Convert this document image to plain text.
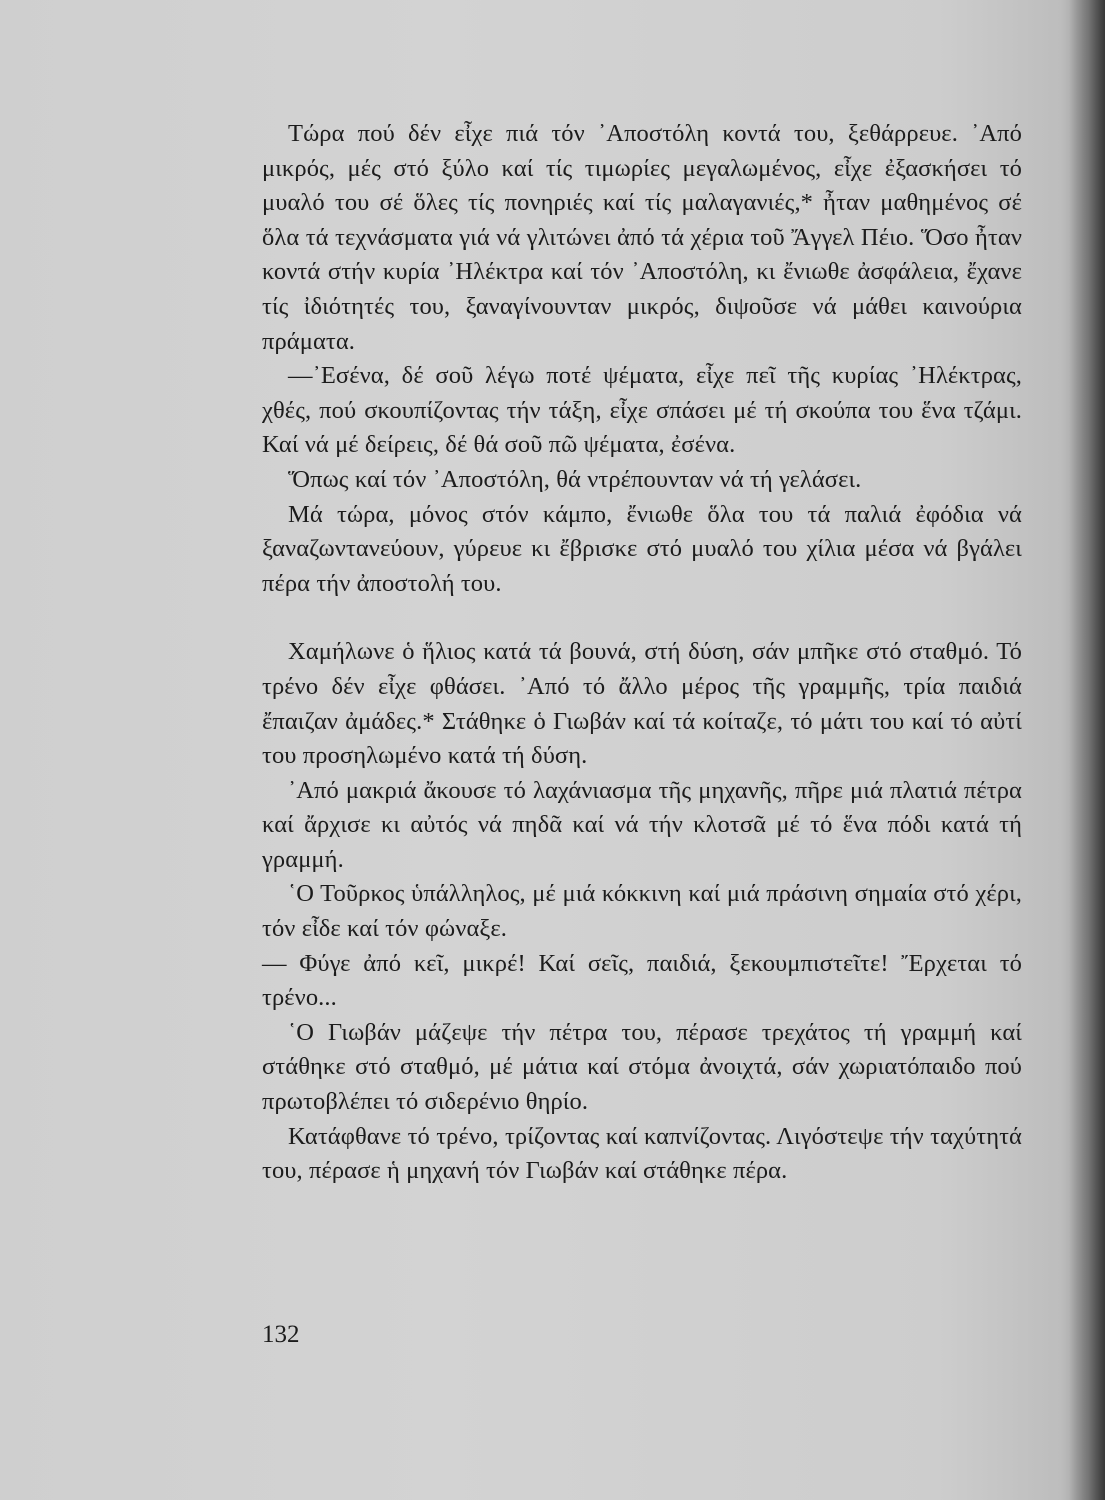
Τώρα πού δέν εἶχε πιά τόν ᾽Αποστόλη κοντά του, ξεθάρρευε. ᾽Από μικρός, μές στό ξύλο καί τίς τιμωρίες μεγαλωμένος, εἶχε ἐξασκήσει τό μυαλό του σέ ὅλες τίς πονηριές καί τίς μαλαγανιές,* ἦταν μαθημένος σέ ὅλα τά τεχνάσματα γιά νά γλιτώνει ἀπό τά χέρια τοῦ Ἄγγελ Πέιο. Ὅσο ἦταν κοντά στήν κυρία ᾽Ηλέκτρα καί τόν ᾽Αποστόλη, κι ἔνιωθε ἀσφάλεια, ἔχανε τίς ἰδιότητές του, ξαναγίνουνταν μικρός, διψοῦσε νά μάθει καινούρια πράματα.

—᾽Εσένα, δέ σοῦ λέγω ποτέ ψέματα, εἶχε πεῖ τῆς κυρίας ᾽Ηλέκτρας, χθές, πού σκουπίζοντας τήν τάξη, εἶχε σπάσει μέ τή σκούπα του ἕνα τζάμι. Καί νά μέ δείρεις, δέ θά σοῦ πῶ ψέματα, ἐσένα.

Ὅπως καί τόν ᾽Αποστόλη, θά ντρέπουνταν νά τή γελάσει.

Μά τώρα, μόνος στόν κάμπο, ἔνιωθε ὅλα του τά παλιά ἐφόδια νά ξαναζωντανεύουν, γύρευε κι ἔβρισκε στό μυαλό του χίλια μέσα νά βγάλει πέρα τήν ἀποστολή του.

Χαμήλωνε ὁ ἥλιος κατά τά βουνά, στή δύση, σάν μπῆκε στό σταθμό. Τό τρένο δέν εἶχε φθάσει. ᾽Από τό ἄλλο μέρος τῆς γραμμῆς, τρία παιδιά ἔπαιζαν ἀμάδες.* Στάθηκε ὁ Γιωβάν καί τά κοίταζε, τό μάτι του καί τό αὐτί του προσηλωμένο κατά τή δύση.

᾽Από μακριά ἄκουσε τό λαχάνιασμα τῆς μηχανῆς, πῆρε μιά πλατιά πέτρα καί ἄρχισε κι αὐτός νά πηδᾶ καί νά τήν κλοτσᾶ μέ τό ἕνα πόδι κατά τή γραμμή.

῾Ο Τοῦρκος ὑπάλληλος, μέ μιά κόκκινη καί μιά πράσινη σημαία στό χέρι, τόν εἶδε καί τόν φώναξε.

— Φύγε ἀπό κεῖ, μικρέ! Καί σεῖς, παιδιά, ξεκουμπιστεῖτε! Ἔρχεται τό τρένο...

῾Ο Γιωβάν μάζεψε τήν πέτρα του, πέρασε τρεχάτος τή γραμμή καί στάθηκε στό σταθμό, μέ μάτια καί στόμα ἀνοιχτά, σάν χωριατόπαιδο πού πρωτοβλέπει τό σιδερένιο θηρίο.

Κατάφθανε τό τρένο, τρίζοντας καί καπνίζοντας. Λιγόστεψε τήν ταχύτητά του, πέρασε ἡ μηχανή τόν Γιωβάν καί στάθηκε πέρα.

132
